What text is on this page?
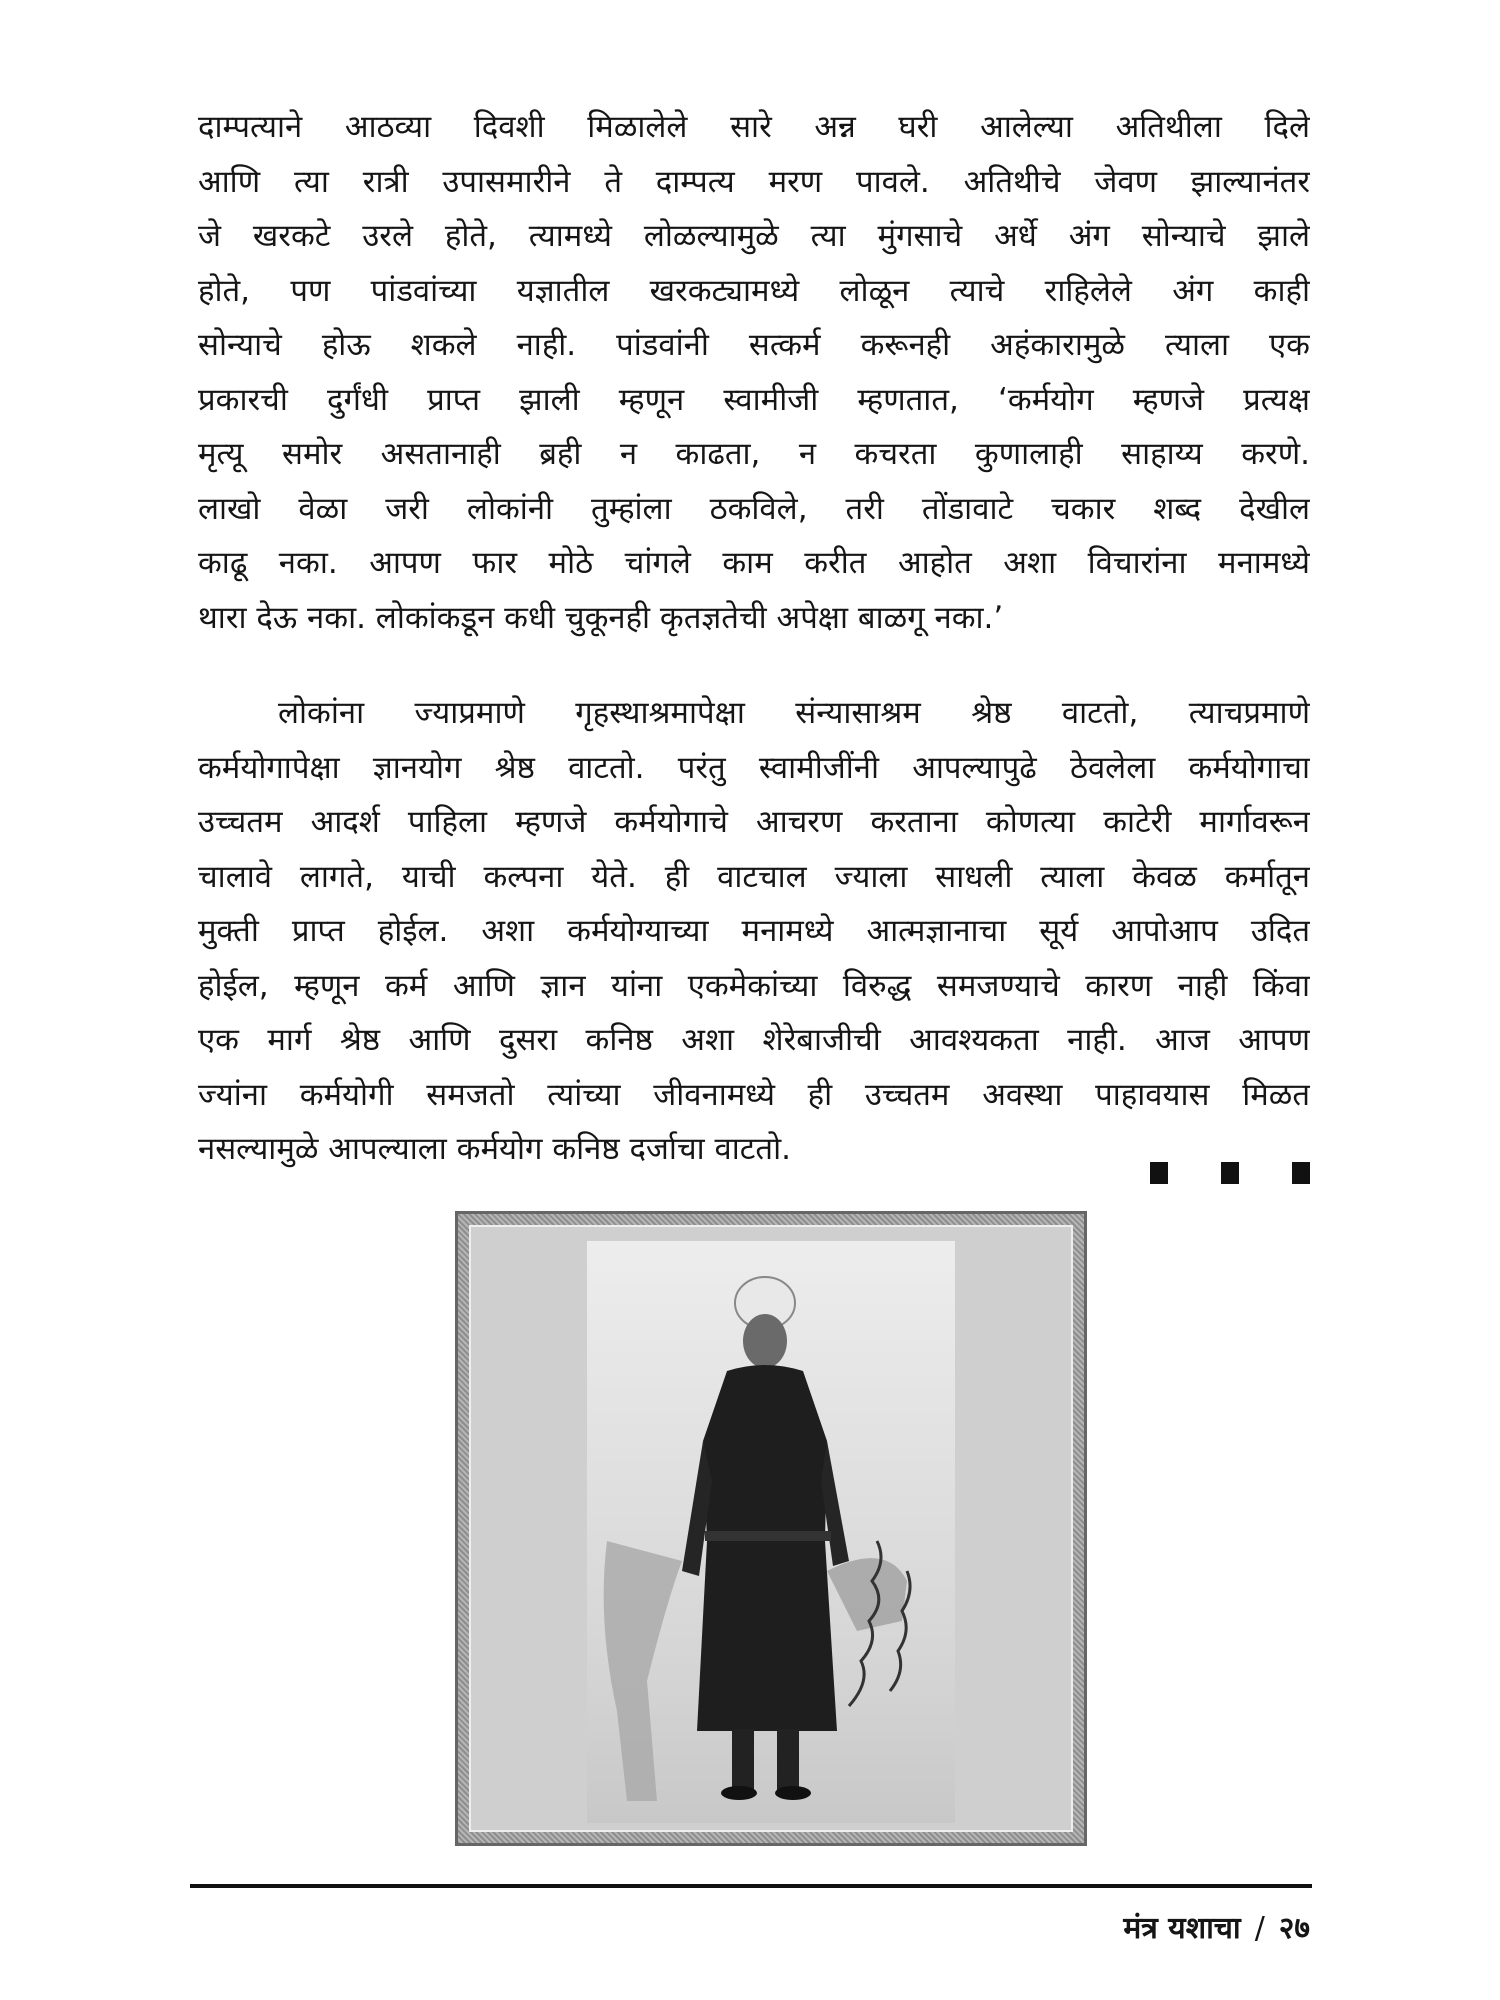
दाम्पत्याने आठव्या दिवशी मिळालेले सारे अन्न घरी आलेल्या अतिथीला दिले
आणि त्या रात्री उपासमारीने ते दाम्पत्य मरण पावले. अतिथीचे जेवण झाल्यानंतर
जे खरकटे उरले होते, त्यामध्ये लोळल्यामुळे त्या मुंगसाचे अर्धे अंग सोन्याचे झाले
होते, पण पांडवांच्या यज्ञातील खरकट्यामध्ये लोळून त्याचे राहिलेले अंग काही
सोन्याचे होऊ शकले नाही. पांडवांनी सत्कर्म करूनही अहंकारामुळे त्याला एक
प्रकारची दुर्गंधी प्राप्त झाली म्हणून स्वामीजी म्हणतात, ‘कर्मयोग म्हणजे प्रत्यक्ष
मृत्यू समोर असतानाही ब्रही न काढता, न कचरता कुणालाही साहाय्य करणे.
लाखो वेळा जरी लोकांनी तुम्हांला ठकविले, तरी तोंडावाटे चकार शब्द देखील
काढू नका. आपण फार मोठे चांगले काम करीत आहोत अशा विचारांना मनामध्ये
थारा देऊ नका. लोकांकडून कधी चुकूनही कृतज्ञतेची अपेक्षा बाळगू नका.’
लोकांना ज्याप्रमाणे गृहस्थाश्रमापेक्षा संन्यासाश्रम श्रेष्ठ वाटतो, त्याचप्रमाणे
कर्मयोगापेक्षा ज्ञानयोग श्रेष्ठ वाटतो. परंतु स्वामीजींनी आपल्यापुढे ठेवलेला कर्मयोगाचा
उच्चतम आदर्श पाहिला म्हणजे कर्मयोगाचे आचरण करताना कोणत्या काटेरी मार्गावरून
चालावे लागते, याची कल्पना येते. ही वाटचाल ज्याला साधली त्याला केवळ कर्मातून
मुक्ती प्राप्त होईल. अशा कर्मयोग्याच्या मनामध्ये आत्मज्ञानाचा सूर्य आपोआप उदित
होईल, म्हणून कर्म आणि ज्ञान यांना एकमेकांच्या विरुद्ध समजण्याचे कारण नाही किंवा
एक मार्ग श्रेष्ठ आणि दुसरा कनिष्ठ अशा शेरेबाजीची आवश्यकता नाही. आज आपण
ज्यांना कर्मयोगी समजतो त्यांच्या जीवनामध्ये ही उच्चतम अवस्था पाहावयास मिळत
नसल्यामुळे आपल्याला कर्मयोग कनिष्ठ दर्जाचा वाटतो.
मंत्र यशाचा / २७
